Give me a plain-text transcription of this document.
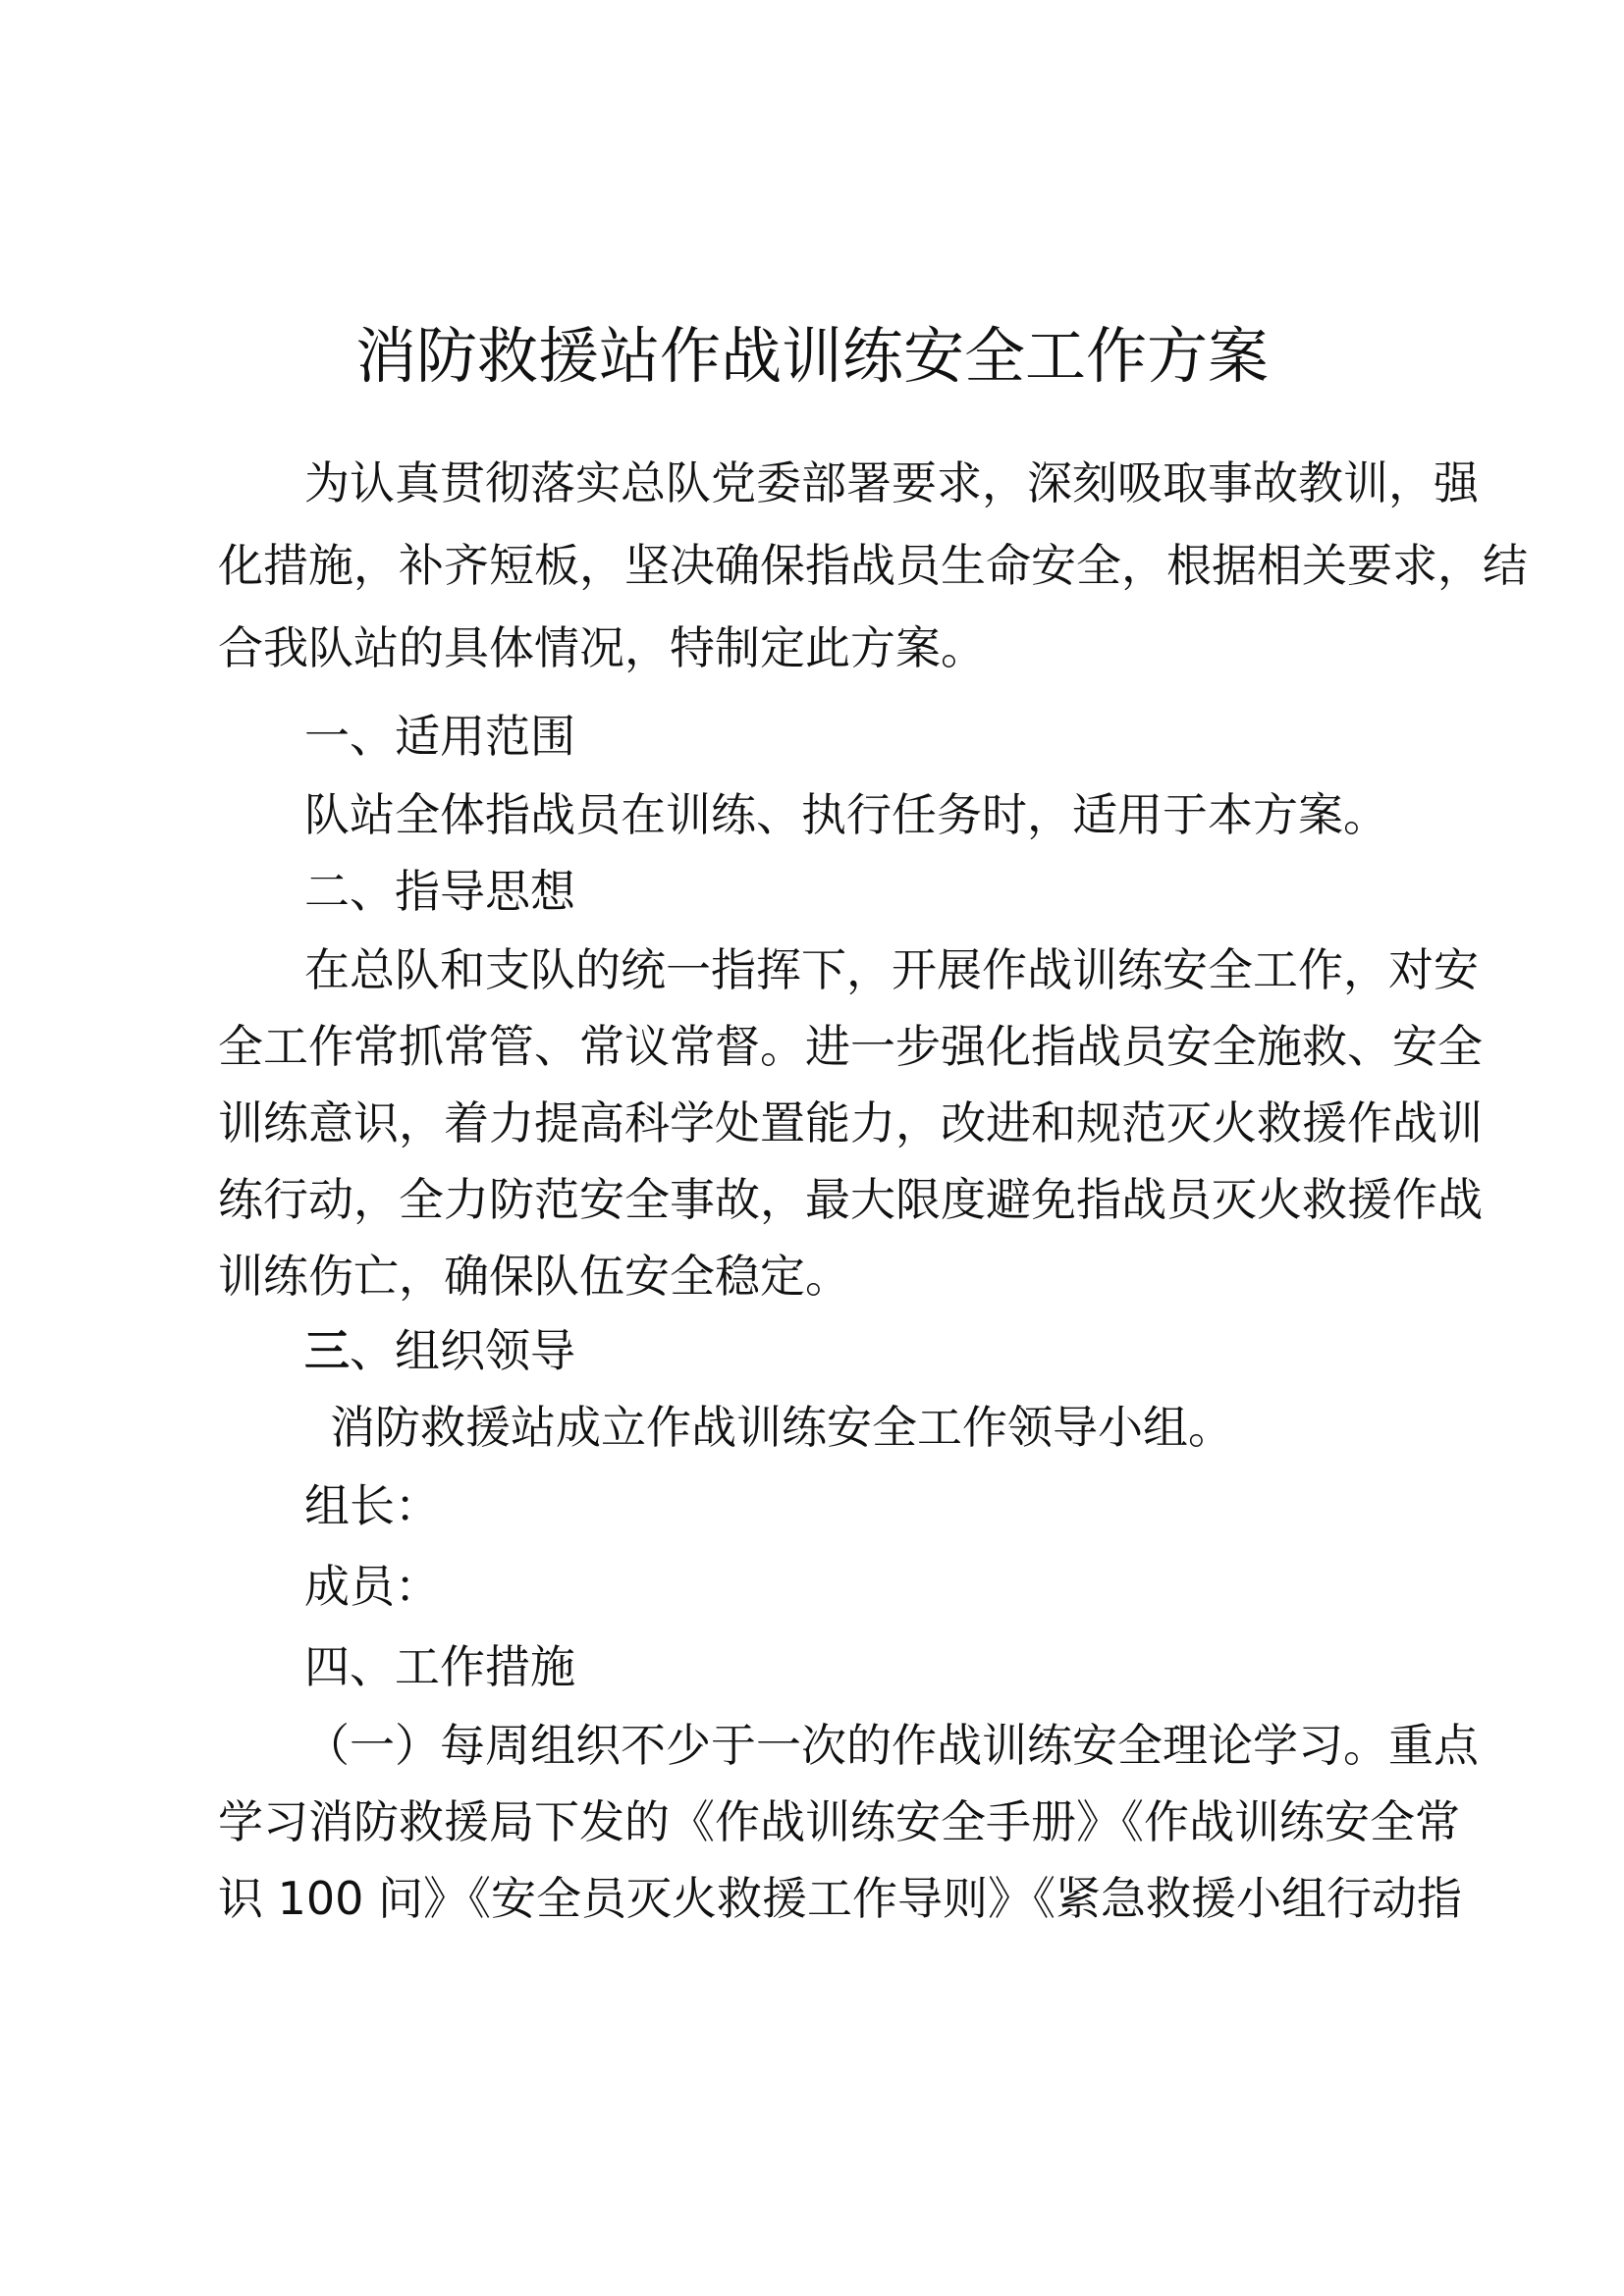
消防救援站作战训练安全工作方案

为认真贯彻落实总队党委部署要求，深刻吸取事故教训，强

化措施，补齐短板，坚决确保指战员生命安全，根据相关要求，结

合我队站的具体情况，特制定此方案。

一、适用范围

队站全体指战员在训练、执行任务时，适用于本方案。

二、指导思想

在总队和支队的统一指挥下，开展作战训练安全工作，对安

全工作常抓常管、常议常督。进一步强化指战员安全施救、安全

训练意识，着力提高科学处置能力，改进和规范灭火救援作战训

练行动，全力防范安全事故，最大限度避免指战员灭火救援作战

训练伤亡，确保队伍安全稳定。

三、组织领导

消防救援站成立作战训练安全工作领导小组。

组长：

成员：

四、工作措施

（一）每周组织不少于一次的作战训练安全理论学习。重点

学习消防救援局下发的《作战训练安全手册》《作战训练安全常

识 100 问》《安全员灭火救援工作导则》《紧急救援小组行动指
